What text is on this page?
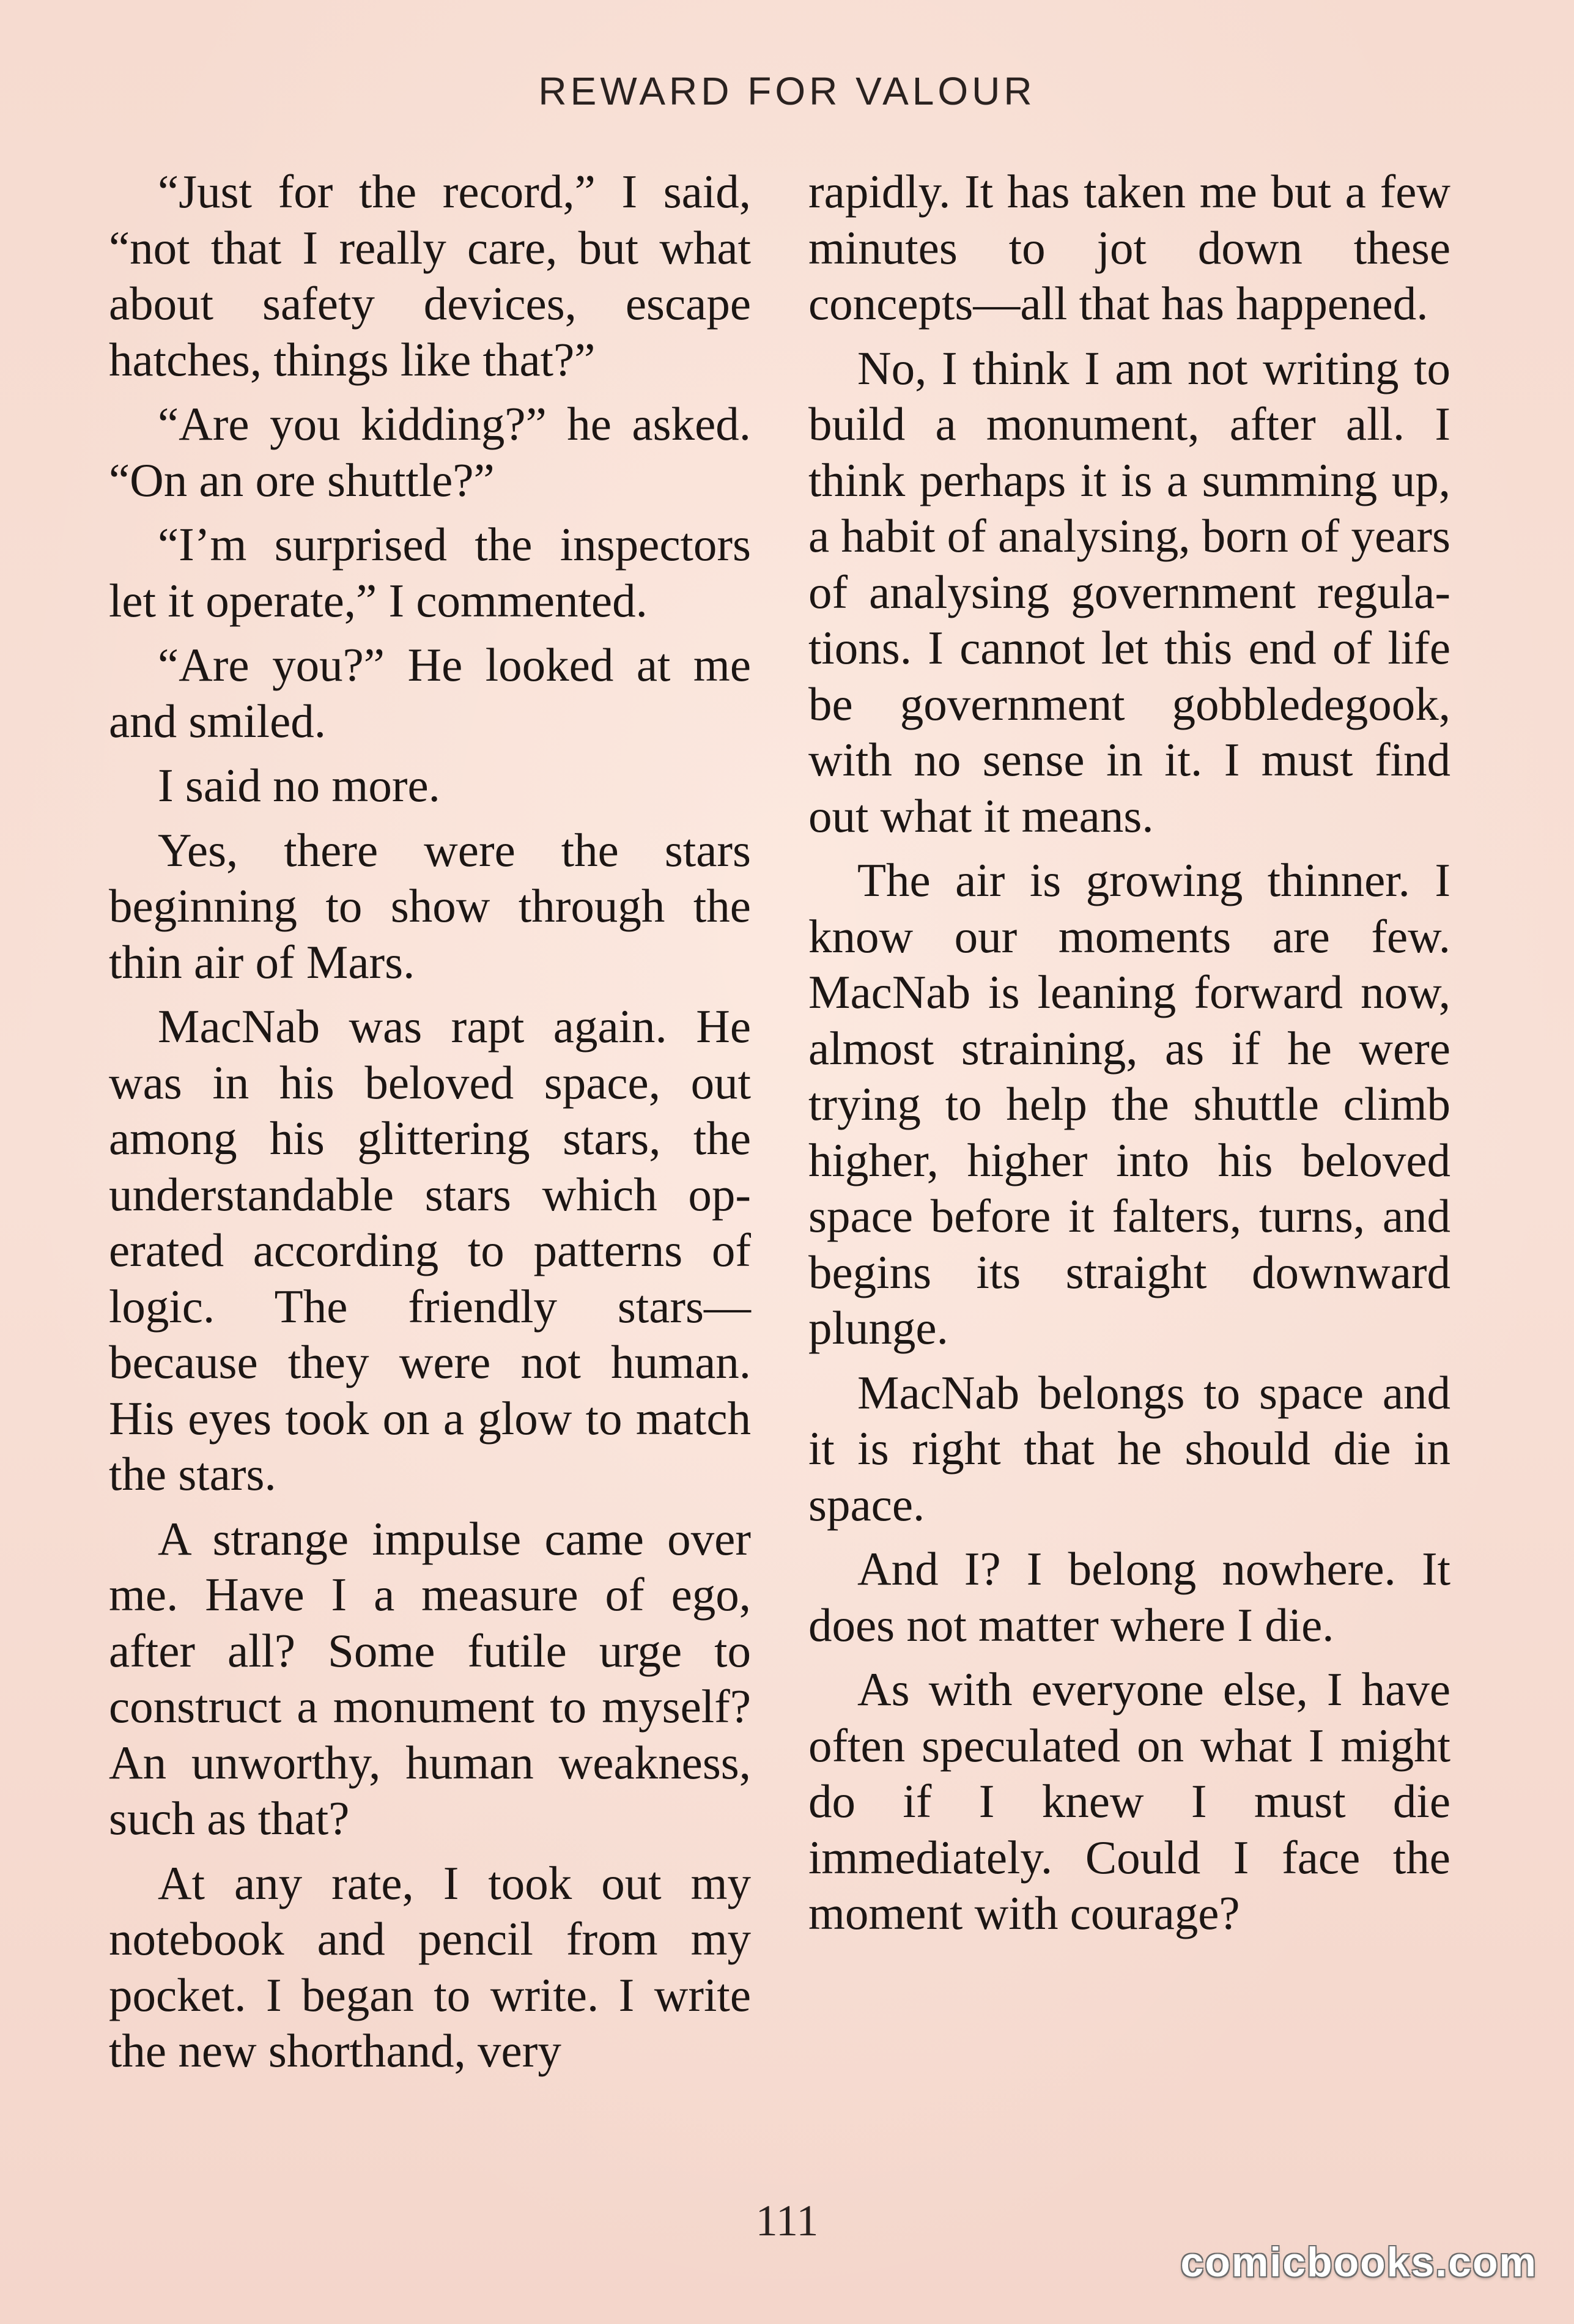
REWARD FOR VALOUR

“Just for the record,” I said, “not that I really care, but what about safety devices, escape hatches, things like that?”

“Are you kidding?” he asked. “On an ore shuttle?”

“I’m surprised the inspectors let it operate,” I commented.

“Are you?” He looked at me and smiled.

I said no more.

Yes, there were the stars beginning to show through the thin air of Mars.

MacNab was rapt again. He was in his beloved space, out among his glittering stars, the understandable stars which operated according to patterns of logic. The friendly stars—because they were not human. His eyes took on a glow to match the stars.

A strange impulse came over me. Have I a measure of ego, after all? Some futile urge to construct a monument to myself? An unworthy, human weakness, such as that?

At any rate, I took out my notebook and pencil from my pocket. I began to write. I write the new shorthand, very

rapidly. It has taken me but a few minutes to jot down these concepts—all that has happened.

No, I think I am not writing to build a monument, after all. I think perhaps it is a summing up, a habit of analysing, born of years of analysing government regulations. I cannot let this end of life be government gobbledegook, with no sense in it. I must find out what it means.

The air is growing thinner. I know our moments are few. MacNab is leaning forward now, almost straining, as if he were trying to help the shuttle climb higher, higher into his beloved space before it falters, turns, and begins its straight downward plunge.

MacNab belongs to space and it is right that he should die in space.

And I? I belong nowhere. It does not matter where I die.

As with everyone else, I have often speculated on what I might do if I knew I must die immediately. Could I face the moment with courage?

111
comicbooks.com
